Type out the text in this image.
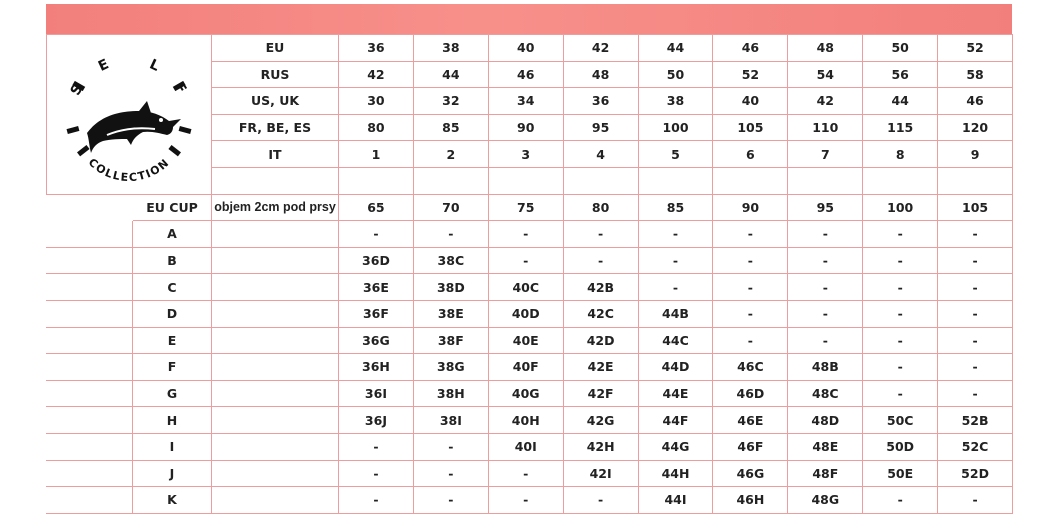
S
E L
F
COLLECTION		EU	36	38	40	42	44	46	48	50	52
		RUS	42	44	46	48	50	52	54	56	58
		US, UK	30	32	34	36	38	40	42	44	46
		FR, BE, ES	80	85	90	95	100	105	110	115	120
		IT	1	2	3	4	5	6	7	8	9

	EU CUP	objem 2cm pod prsy	65	70	75	80	85	90	95	100	105
	A		-	-	-	-	-	-	-	-	-
	B		36D	38C	-	-	-	-	-	-	-
	C		36E	38D	40C	42B	-	-	-	-	-
	D		36F	38E	40D	42C	44B	-	-	-	-
	E		36G	38F	40E	42D	44C	-	-	-	-
	F		36H	38G	40F	42E	44D	46C	48B	-	-
	G		36I	38H	40G	42F	44E	46D	48C	-	-
	H		36J	38I	40H	42G	44F	46E	48D	50C	52B
	I		-	-	40I	42H	44G	46F	48E	50D	52C
	J		-	-	-	42I	44H	46G	48F	50E	52D
	K		-	-	-	-	44I	46H	48G	-	-
